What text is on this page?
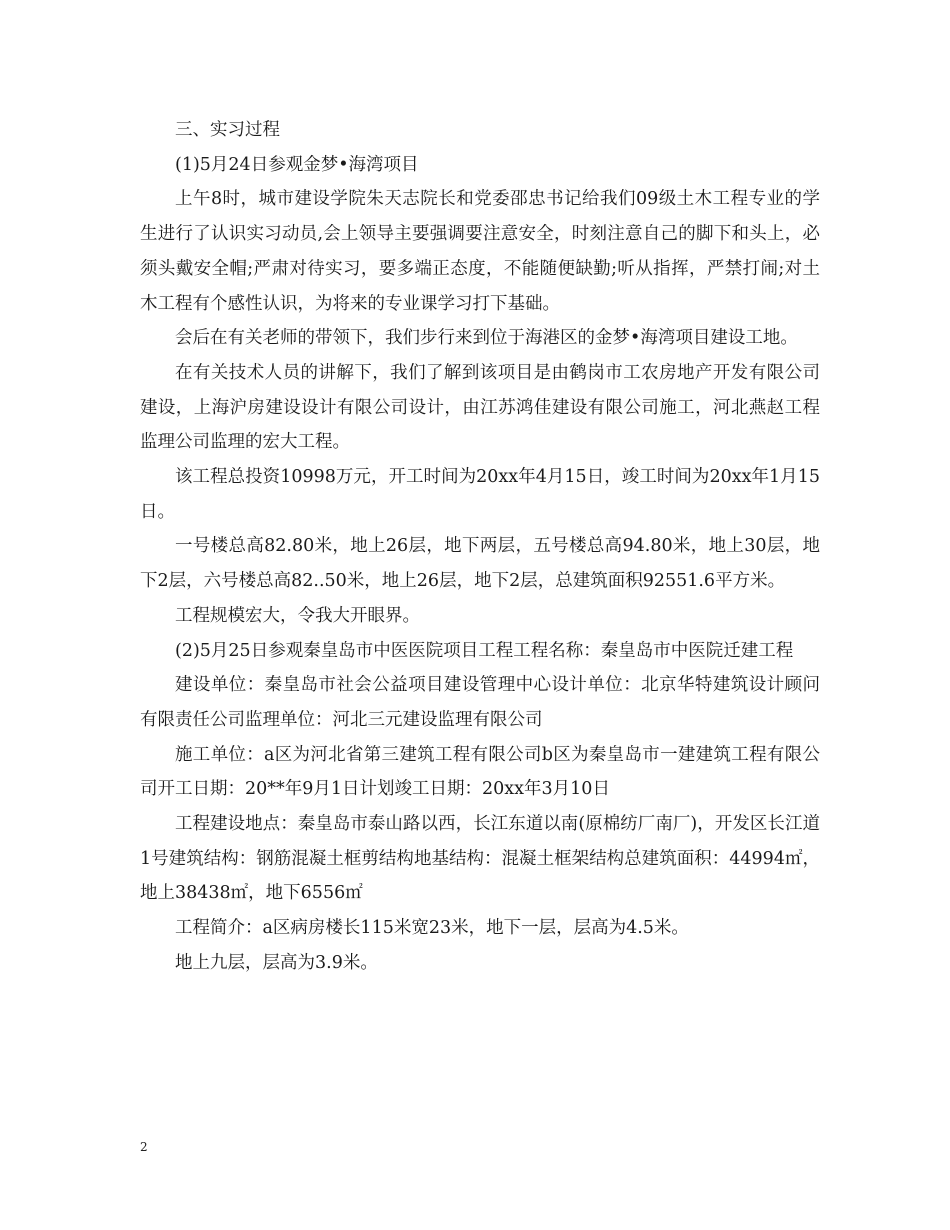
三、实习过程

(1)5月24日参观金梦•海湾项目

上午8时，城市建设学院朱天志院长和党委邵忠书记给我们09级土木工程专业的学生进行了认识实习动员,会上领导主要强调要注意安全，时刻注意自己的脚下和头上，必须头戴安全帽;严肃对待实习，要多端正态度，不能随便缺勤;听从指挥，严禁打闹;对土木工程有个感性认识，为将来的专业课学习打下基础。

会后在有关老师的带领下，我们步行来到位于海港区的金梦•海湾项目建设工地。

在有关技术人员的讲解下，我们了解到该项目是由鹤岗市工农房地产开发有限公司建设，上海沪房建设设计有限公司设计，由江苏鸿佳建设有限公司施工，河北燕赵工程监理公司监理的宏大工程。

该工程总投资10998万元，开工时间为20xx年4月15日，竣工时间为20xx年1月15日。

一号楼总高82.80米，地上26层，地下两层，五号楼总高94.80米，地上30层，地下2层，六号楼总高82..50米，地上26层，地下2层，总建筑面积92551.6平方米。

工程规模宏大，令我大开眼界。

(2)5月25日参观秦皇岛市中医医院项目工程工程名称：秦皇岛市中医院迁建工程

建设单位：秦皇岛市社会公益项目建设管理中心设计单位：北京华特建筑设计顾问有限责任公司监理单位：河北三元建设监理有限公司

施工单位：a区为河北省第三建筑工程有限公司b区为秦皇岛市一建建筑工程有限公司开工日期：20**年9月1日计划竣工日期：20xx年3月10日

工程建设地点：秦皇岛市泰山路以西，长江东道以南(原棉纺厂南厂)，开发区长江道1号建筑结构：钢筋混凝土框剪结构地基结构：混凝土框架结构总建筑面积：44994㎡，地上38438㎡，地下6556㎡

工程简介：a区病房楼长115米宽23米，地下一层，层高为4.5米。

地上九层，层高为3.9米。

2
